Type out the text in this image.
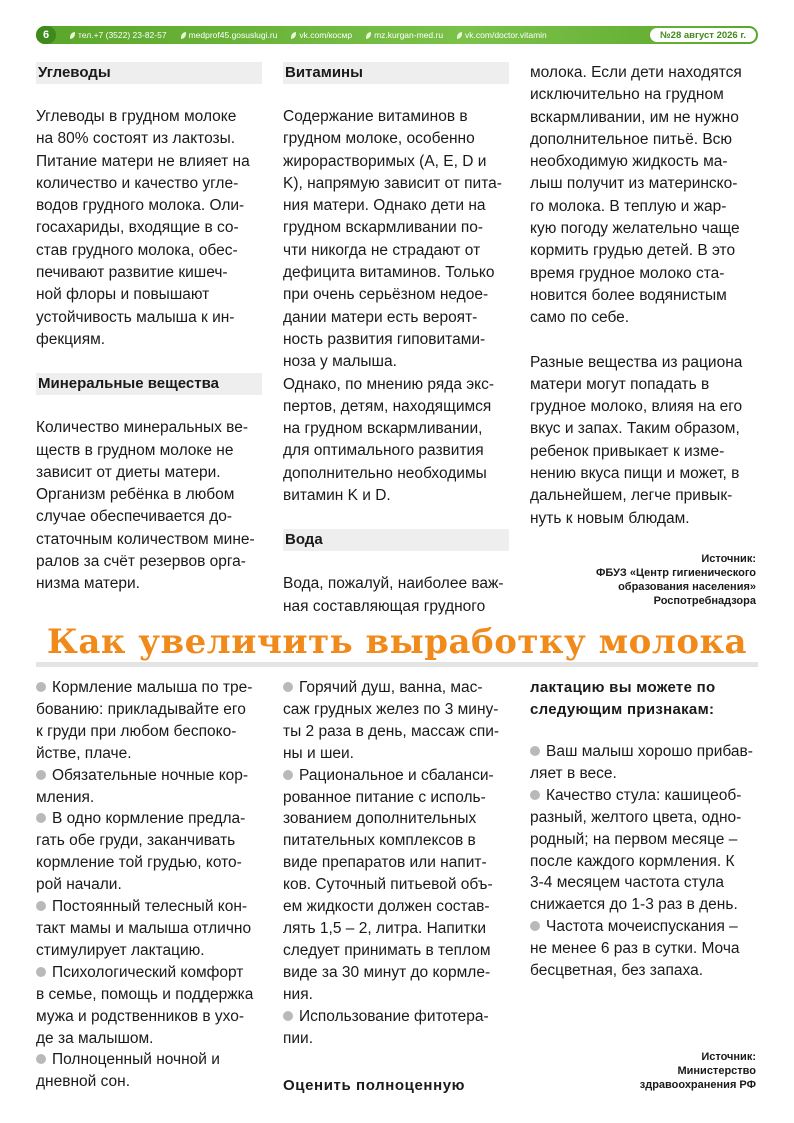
6	тел.+7 (3522) 23-82-57	medprof45.gosuslugi.ru	vk.com/космр	mz.kurgan-med.ru	vk.com/doctor.vitamin	№28 август 2026 г.
Углеводы

Углеводы в грудном молоке
на 80% состоят из лактозы.
Питание матери не влияет на
количество и качество угле-
водов грудного молока. Оли-
госахариды, входящие в со-
став грудного молока, обес-
печивают развитие кишеч-
ной флоры и повышают
устойчивость малыша к ин-
фекциям.

Минеральные вещества

Количество минеральных ве-
ществ в грудном молоке не
зависит от диеты матери.
Организм ребёнка в любом
случае обеспечивается до-
статочным количеством мине-
ралов за счёт резервов орга-
низма матери.

Витамины

Содержание витаминов в
грудном молоке, особенно
жирорастворимых (А, Е, D и
K), напрямую зависит от пита-
ния матери. Однако дети на
грудном вскармливании по-
чти никогда не страдают от
дефицита витаминов. Только
при очень серьёзном недое-
дании матери есть вероят-
ность развития гиповитами-
ноза у малыша.
Однако, по мнению ряда экс-
пертов, детям, находящимся
на грудном вскармливании,
для оптимального развития
дополнительно необходимы
витамин K и D.

Вода

Вода, пожалуй, наиболее важ-
ная составляющая грудного

молока. Если дети находятся
исключительно на грудном
вскармливании, им не нужно
дополнительное питьё. Всю
необходимую жидкость ма-
лыш получит из материнско-
го молока. В теплую и жар-
кую погоду желательно чаще
кормить грудью детей. В это
время грудное молоко ста-
новится более водянистым
само по себе.

Разные вещества из рациона
матери могут попадать в
грудное молоко, влияя на его
вкус и запах. Таким образом,
ребенок привыкает к изме-
нению вкуса пищи и может, в
дальнейшем, легче привык-
нуть к новым блюдам.

Источник:
ФБУЗ «Центр гигиенического
образования населения»
Роспотребнадзора
Как увеличить выработку молока

Кормление малыша по тре-
бованию: прикладывайте его
к груди при любом беспоко-
йстве, плаче.

Обязательные ночные кор-
мления.

В одно кормление предла-
гать обе груди, заканчивать
кормление той грудью, кото-
рой начали.

Постоянный телесный кон-
такт мамы и малыша отлично
стимулирует лактацию.

Психологический комфорт
в семье, помощь и поддержка
мужа и родственников в ухо-
де за малышом.

Полноценный ночной и
дневной сон.

Горячий душ, ванна, мас-
саж грудных желез по 3 мину-
ты 2 раза в день, массаж спи-
ны и шеи.

Рациональное и сбаланси-
рованное питание с исполь-
зованием дополнительных
питательных комплексов в
виде препаратов или напит-
ков. Суточный питьевой объ-
ем жидкости должен состав-
лять 1,5 – 2, литра. Напитки
следует принимать в теплом
виде за 30 минут до кормле-
ния.

Использование фитотера-
пии.

Оценить полноценную

лактацию вы можете по
следующим признакам:

Ваш малыш хорошо прибав-
ляет в весе.

Качество стула: кашицеоб-
разный, желтого цвета, одно-
родный; на первом месяце –
после каждого кормления. К
3-4 месяцем частота стула
снижается до 1-3 раз в день.

Частота мочеиспускания –
не менее 6 раз в сутки. Моча
бесцветная, без запаха.

Источник:
Министерство
здравоохранения РФ
